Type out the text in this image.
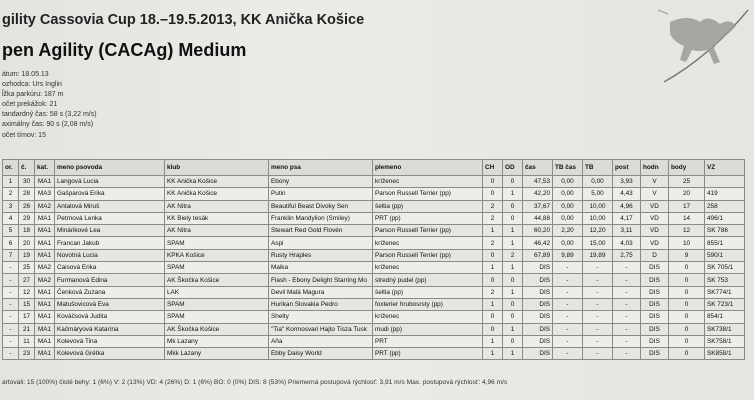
gility Cassovia Cup 18.–19.5.2013, KK Anička Košice
pen Agility (CACAg) Medium
átum: 18.05.13
ozhodca: Urs Inglin
ĺžka parkúru: 187 m
očet prekážok: 21
tandardný čas: 58 s (3,22 m/s)
aximálny čas: 90 s (2,08 m/s)
očet tímov: 15
or.	č.	kat.	meno psovoda	klub	meno psa	plemeno	CH	OD	čas	TB čas	TB	post	hodn	body	VZ
1	30	MA1	Langová Lucia	KK Anička Košice	Ebony	kríženec	0	0	47,53	0,00	0,00	3,93	V	25	
2	28	MA3	Gašparová Erika	KK Anička Košice	Putin	Parson Russell Terrier (pp)	0	1	42,20	0,00	5,00	4,43	V	20	419
3	26	MA2	Antalová Miruš	AK Nitra	Beautiful Beast Divoky Sen	šeltia (pp)	2	0	37,67	0,00	10,00	4,96	VD	17	258
4	29	MA1	Petrnová Lenka	KK Biely tesák	Franklin Mandylion (Smiley)	PRT (pp)	2	0	44,88	0,00	10,00	4,17	VD	14	496/1
5	18	MA1	Minárikové Lea	AK Nitra	Stewart Red Gold Flovén	Parson Russell Terrier (pp)	1	1	60,20	2,20	12,20	3,11	VD	12	SK 786
6	20	MA1	Francan Jakub	SPAM	Aspi	kríženec	2	1	46,42	0,00	15,00	4,03	VD	10	855/1
7	19	MA1	Novotná Lucia	KPKA Košice	Rusty Hraples	Parson Russell Terrier (pp)	0	2	67,89	9,89	19,89	2,75	D	9	590/1
-	25	MA2	Caisová Erika	SPAM	Maika	kríženec	1	1	DIS	-	-	-	DIS	0	SK 705/1
-	27	MA2	Furmanová Edina	AK Škočka Košice	Flash - Ebony Delight Starring Mo	stredný pudel (pp)	0	0	DIS	-	-	-	DIS	0	SK 753
-	12	MA1	Čenková Zuzana	LAK	Devil Malá Magura	šeltia (pp)	2	1	DIS	-	-	-	DIS	0	SK774/1
-	15	MA1	Matušovicová Eva	SPAM	Hurikan Slovakia Pedro	foxterier hrubosrsty (pp)	1	0	DIS	-	-	-	DIS	0	SK 723/1
-	17	MA1	Kováčsová Judita	SPAM	Shelty	kríženec	0	0	DIS	-	-	-	DIS	0	854/1
-	21	MA1	Kačmáryová Katarína	AK Škočka Košice	"Tia" Kormosvari Hajto Tisza Tusk	mudi (pp)	0	1	DIS	-	-	-	DIS	0	SK738/1
-	11	MA1	Kolevová Tina	Mk Lazany	Aňa	PRT	1	0	DIS	-	-	-	DIS	0	SK758/1
-	23	MA1	Kolevová Grétka	Mkk Lazany	Ebby Daisy World	PRT (pp)	1	1	DIS	-	-	-	DIS	0	SK858/1
artovali: 15 (100%) čisté behy: 1 (6%) V: 2 (13%) VD: 4 (26%) D: 1 (6%) BO: 0 (0%) DIS: 8 (53%) Priemerná postupová rýchlosť: 3,91 m/s Max. postupová rýchlosť: 4,96 m/s
